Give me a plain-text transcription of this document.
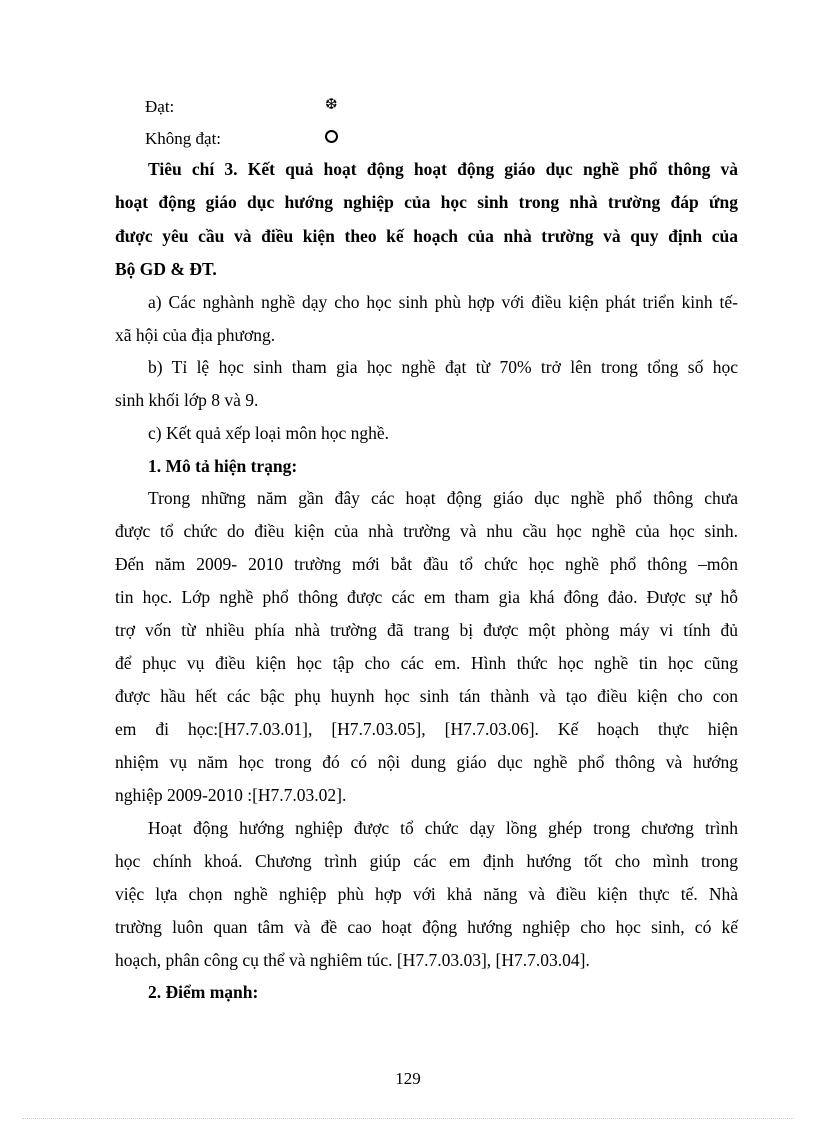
Đạt:	❆
Không đạt:
Tiêu chí 3. Kết quả hoạt động hoạt động giáo dục nghề phổ thông và
hoạt động giáo dục hướng nghiệp của học sinh trong nhà trường đáp ứng
được yêu cầu và điều kiện theo kế hoạch của nhà trường và quy định của
Bộ GD & ĐT.
a) Các nghành nghề dạy cho học sinh phù hợp với điều kiện phát triển kinh tế-
xã hội của địa phương.
b) Tỉ lệ học sinh tham gia học nghề đạt từ 70% trở lên trong tổng số học
sinh khối lớp 8 và 9.
c) Kết quả xếp loại môn học nghề.
1. Mô tả hiện trạng:
Trong những năm gần đây các hoạt động giáo dục nghề phổ thông chưa
được tổ chức do điều kiện của nhà trường và nhu cầu học nghề của học sinh.
Đến năm 2009- 2010 trường mới bắt đầu tổ chức học nghề phổ thông –môn
tin học. Lớp nghề phổ thông được các em tham gia khá đông đảo. Được sự hỗ
trợ vốn từ nhiều phía nhà trường đã trang bị được một phòng máy vi tính đủ
để phục vụ điều kiện học tập cho các em. Hình thức học nghề tin học cũng
được hầu hết các bậc phụ huynh học sinh tán thành và tạo điều kiện cho con
em đi học:[H7.7.03.01], [H7.7.03.05], [H7.7.03.06]. Kế hoạch thực hiện
nhiệm vụ năm học trong đó có nội dung giáo dục nghề phổ thông và hướng
nghiệp 2009-2010 :[H7.7.03.02].
Hoạt động hướng nghiệp được tổ chức dạy lồng ghép trong chương trình
học chính khoá. Chương trình giúp các em định hướng tốt cho mình trong
việc lựa chọn nghề nghiệp phù hợp với khả năng và điều kiện thực tế. Nhà
trường luôn quan tâm và đề cao hoạt động hướng nghiệp cho học sinh, có kế
hoạch, phân công cụ thể và nghiêm túc. [H7.7.03.03], [H7.7.03.04].
2. Điểm mạnh:
129
